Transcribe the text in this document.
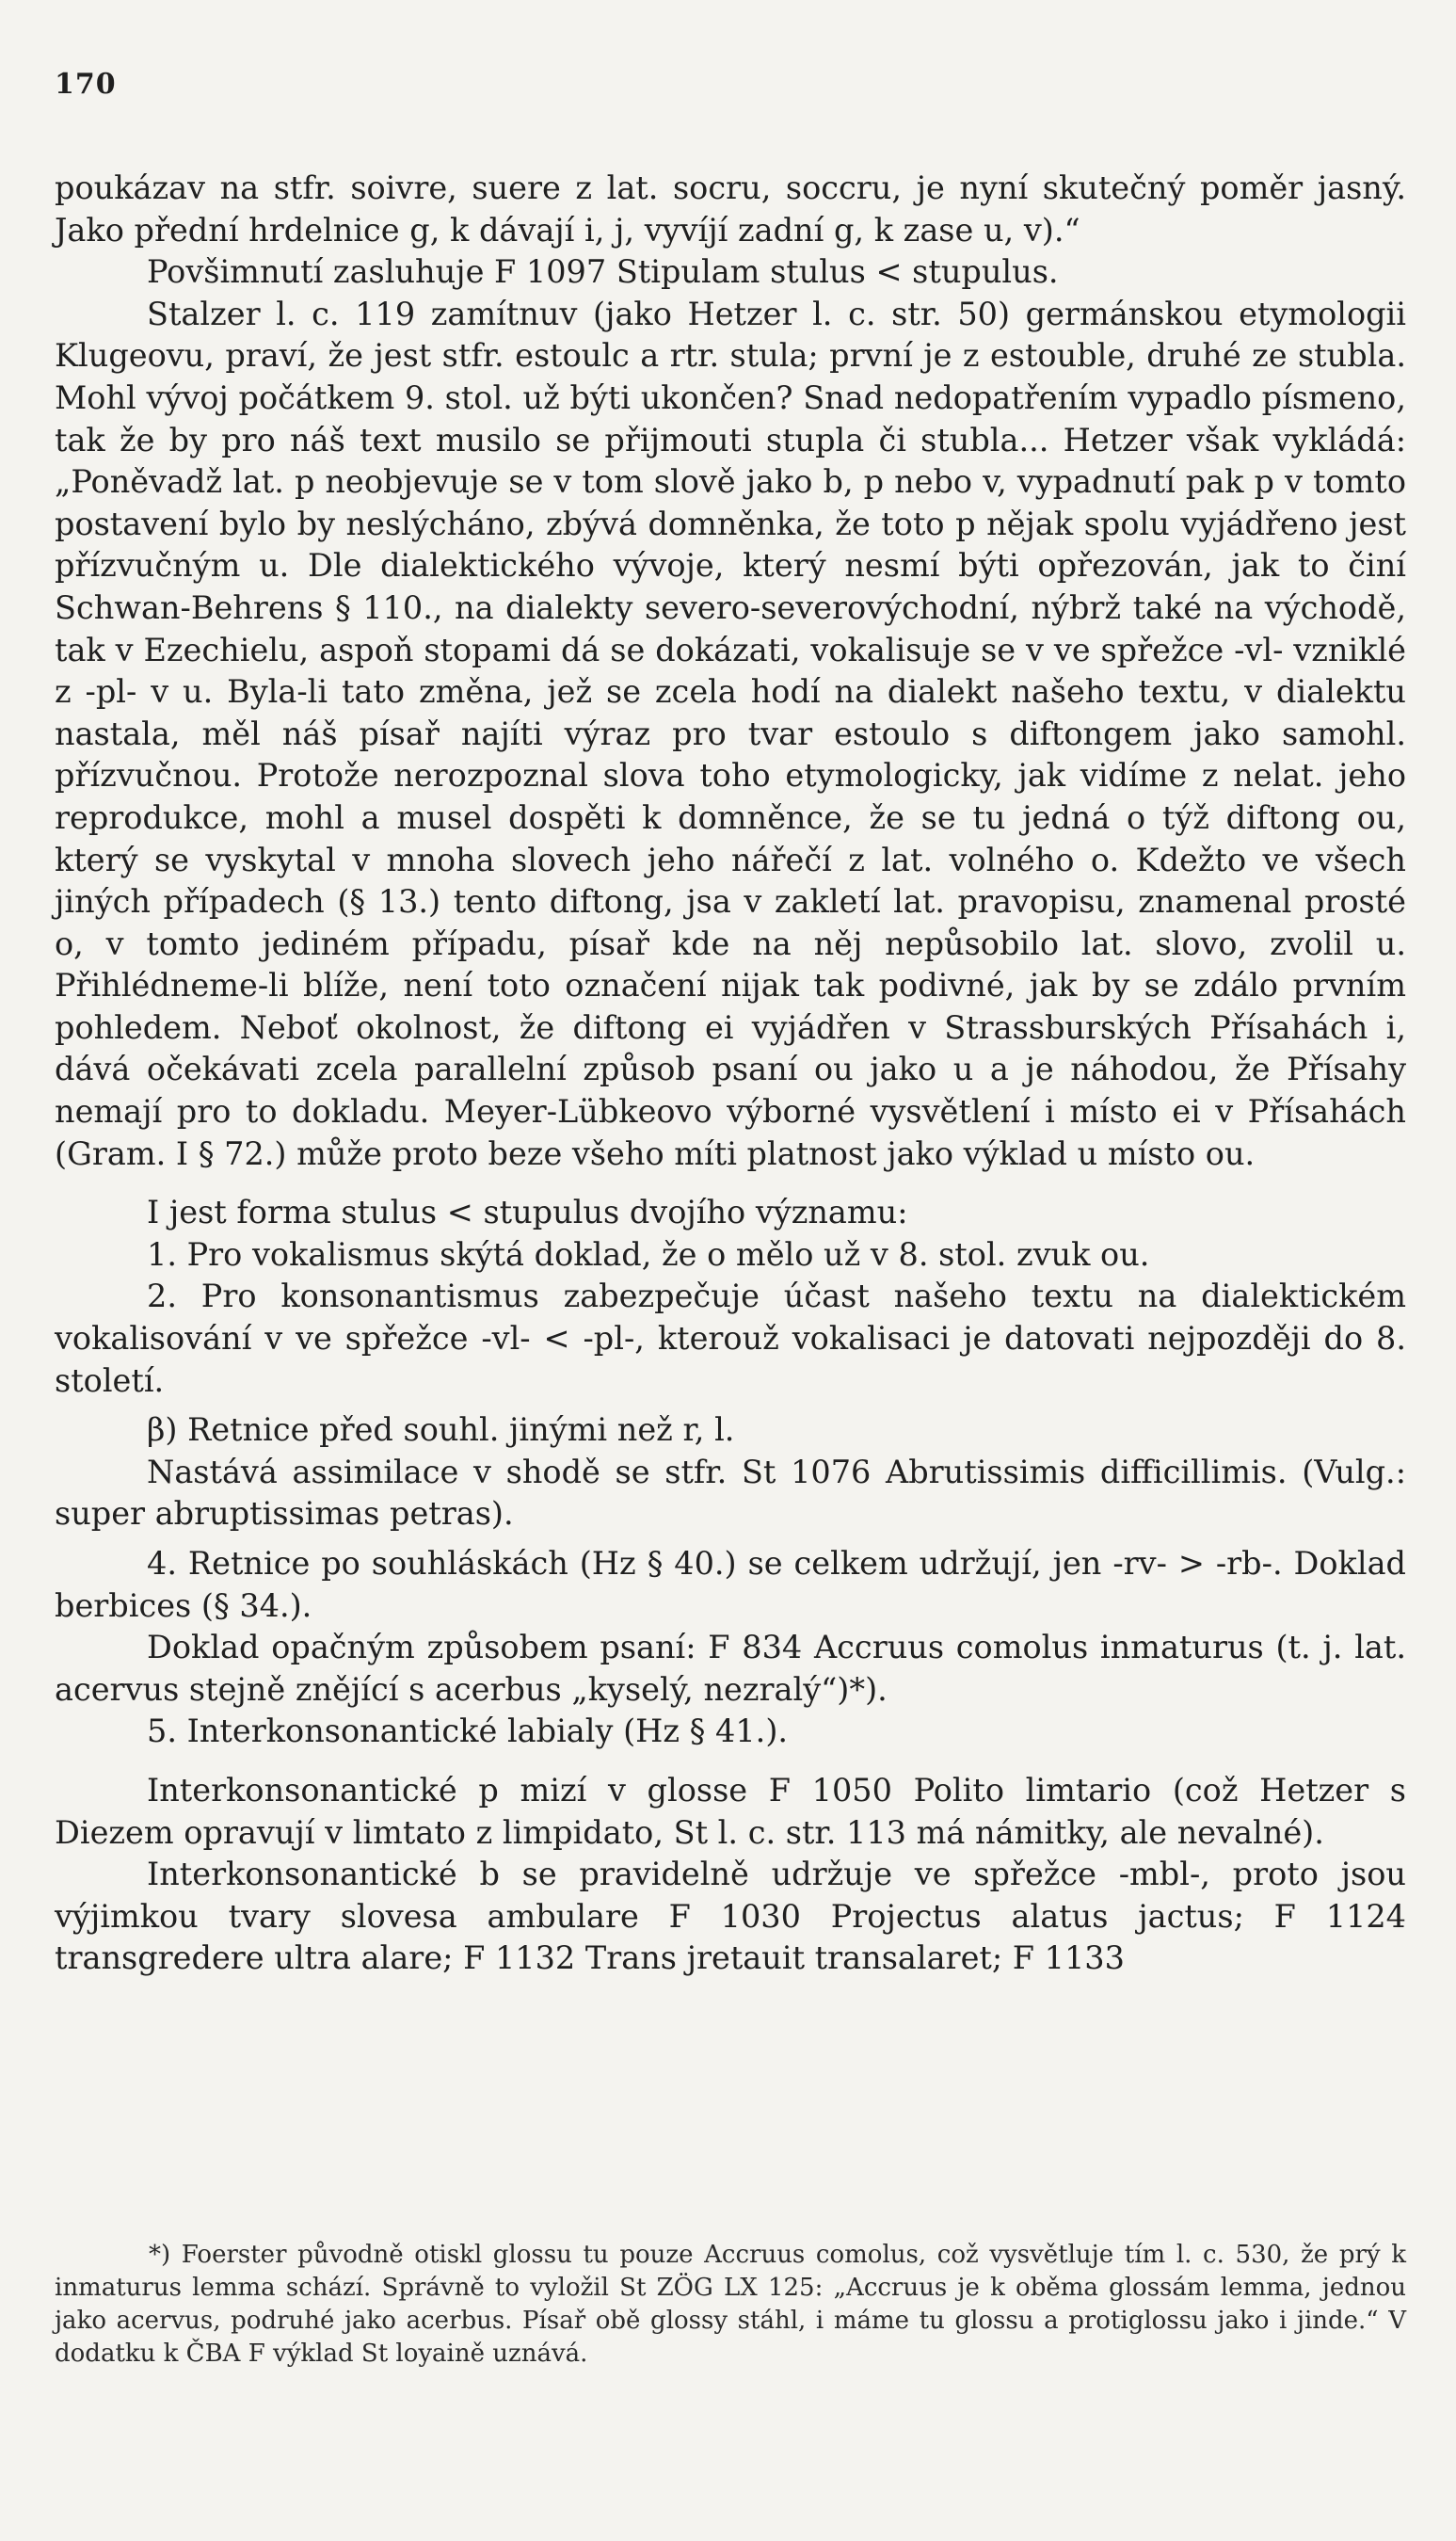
170

poukázav na stfr. soivre, suere z lat. socru, soccru, je nyní skutečný poměr jasný. Jako přední hrdelnice g, k dávají i, j, vyvíjí zadní g, k zase u, v).“

Povšimnutí zasluhuje F 1097 Stipulam stulus < stupulus.

Stalzer l. c. 119 zamítnuv (jako Hetzer l. c. str. 50) germánskou etymologii Klugeovu, praví, že jest stfr. estoulc a rtr. stula; první je z estouble, druhé ze stubla. Mohl vývoj počátkem 9. stol. už býti ukončen? Snad nedopatřením vypadlo písmeno, tak že by pro náš text musilo se přijmouti stupla či stubla... Hetzer však vykládá: „Poněvadž lat. p neobjevuje se v tom slově jako b, p nebo v, vypadnutí pak p v tomto postavení bylo by neslýcháno, zbývá domněnka, že toto p nějak spolu vyjádřeno jest přízvučným u. Dle dialektického vývoje, který nesmí býti opřezován, jak to činí Schwan-Behrens § 110., na dialekty severo-severovýchodní, nýbrž také na východě, tak v Ezechielu, aspoň stopami dá se dokázati, vokalisuje se v ve spřežce -vl- vzniklé z -pl- v u. Byla-li tato změna, jež se zcela hodí na dialekt našeho textu, v dialektu nastala, měl náš písař najíti výraz pro tvar estoulo s diftongem jako samohl. přízvučnou. Protože nerozpoznal slova toho etymologicky, jak vidíme z nelat. jeho reprodukce, mohl a musel dospěti k domněnce, že se tu jedná o týž diftong ou, který se vyskytal v mnoha slovech jeho nářečí z lat. volného o. Kdežto ve všech jiných případech (§ 13.) tento diftong, jsa v zakletí lat. pravopisu, znamenal prosté o, v tomto jediném případu, písař kde na něj nepůsobilo lat. slovo, zvolil u. Přihlédneme-li blíže, není toto označení nijak tak podivné, jak by se zdálo prvním pohledem. Neboť okolnost, že diftong ei vyjádřen v Strassburských Přísahách i, dává očekávati zcela parallelní způsob psaní ou jako u a je náhodou, že Přísahy nemají pro to dokladu. Meyer-Lübkeovo výborné vysvětlení i místo ei v Přísahách (Gram. I § 72.) může proto beze všeho míti platnost jako výklad u místo ou.

I jest forma stulus < stupulus dvojího významu:

1. Pro vokalismus skýtá doklad, že o mělo už v 8. stol. zvuk ou.

2. Pro konsonantismus zabezpečuje účast našeho textu na dialektickém vokalisování v ve spřežce -vl- < -pl-, kterouž vokalisaci je datovati nejpozději do 8. století.

β) Retnice před souhl. jinými než r, l.

Nastává assimilace v shodě se stfr. St 1076 Abrutissimis difficillimis. (Vulg.: super abruptissimas petras).

4. Retnice po souhláskách (Hz § 40.) se celkem udržují, jen -rv- > -rb-. Doklad berbices (§ 34.).

Doklad opačným způsobem psaní: F 834 Accruus comolus inmaturus (t. j. lat. acervus stejně znějící s acerbus „kyselý, nezralý“)*).

5. Interkonsonantické labialy (Hz § 41.).

Interkonsonantické p mizí v glosse F 1050 Polito limtario (což Hetzer s Diezem opravují v limtato z limpidato, St l. c. str. 113 má námitky, ale nevalné).

Interkonsonantické b se pravidelně udržuje ve spřežce -mbl-, proto jsou výjimkou tvary slovesa ambulare F 1030 Projectus alatus jactus; F 1124 transgredere ultra alare; F 1132 Trans jretauit transalaret; F 1133

*) Foerster původně otiskl glossu tu pouze Accruus comolus, což vysvětluje tím l. c. 530, že prý k inmaturus lemma schází. Správně to vyložil St ZÖG LX 125: „Accruus je k oběma glossám lemma, jednou jako acervus, podruhé jako acerbus. Písař obě glossy stáhl, i máme tu glossu a protiglossu jako i jinde.“ V dodatku k ČBA F výklad St loyaině uznává.
